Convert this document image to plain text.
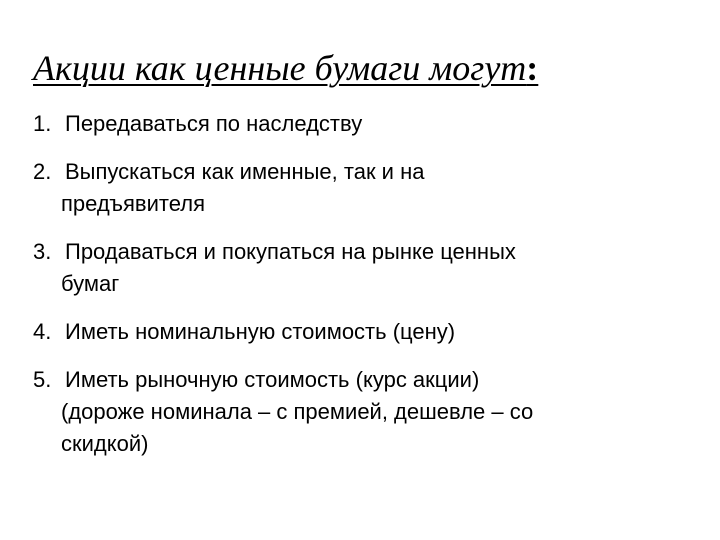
Акции как ценные бумаги могут:
1. Передаваться по наследству
2. Выпускаться как именные, так и на
предъявителя
3. Продаваться и покупаться на рынке ценных
бумаг
4. Иметь номинальную стоимость (цену)
5. Иметь рыночную стоимость (курс акции)
(дороже номинала – с премией, дешевле – со
скидкой)
